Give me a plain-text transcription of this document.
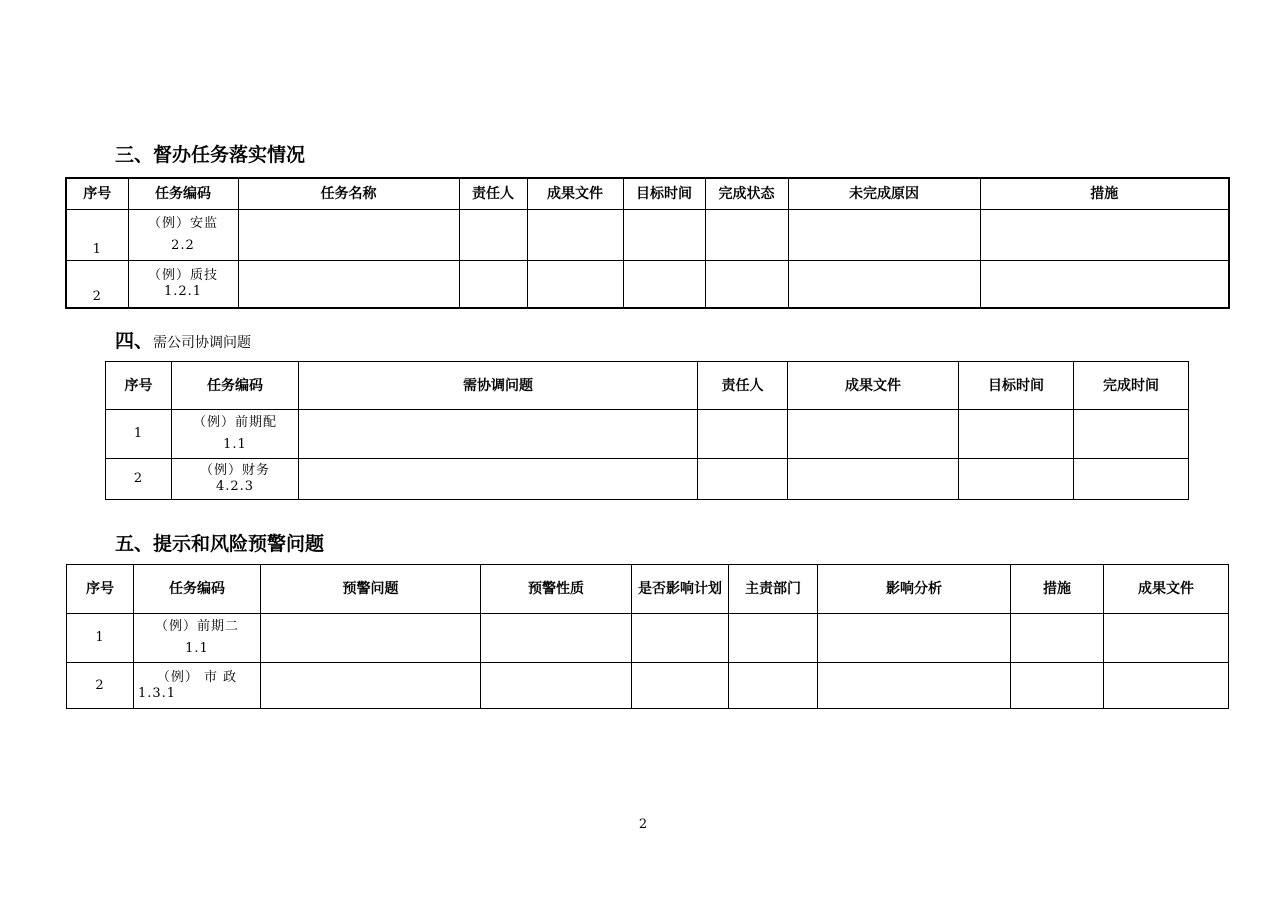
三、督办任务落实情况
序号	任务编码	任务名称	责任人	成果文件	目标时间	完成状态	未完成原因	措施
1	（例）安监
2.2							

2	（例）质技
1.2.1							

四、需公司协调问题
序号	任务编码	需协调问题	责任人	成果文件	目标时间	完成时间
1	（例）前期配
1.1					

2	（例）财务
4.2.3					

五、提示和风险预警问题
序号	任务编码	预警问题	预警性质	是否影响计划	主责部门	影响分析	措施	成果文件
1	（例）前期二
1.1							

2	（例） 市 政
1.3.1							

2
